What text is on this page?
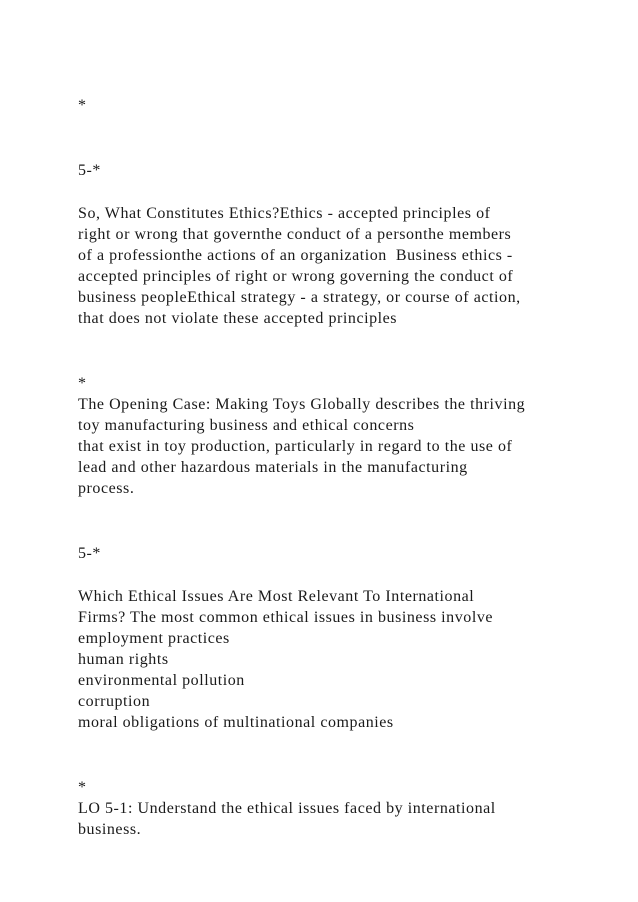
*

5-*

So, What Constitutes Ethics?Ethics - accepted principles of

right or wrong that governthe conduct of a personthe members

of a professionthe actions of an organization  Business ethics -

accepted principles of right or wrong governing the conduct of

business peopleEthical strategy - a strategy, or course of action,

that does not violate these accepted principles

*

The Opening Case: Making Toys Globally describes the thriving

toy manufacturing business and ethical concerns

that exist in toy production, particularly in regard to the use of

lead and other hazardous materials in the manufacturing

process.

5-*

Which Ethical Issues Are Most Relevant To International

Firms? The most common ethical issues in business involve

employment practices

human rights

environmental pollution

corruption

moral obligations of multinational companies

*

LO 5-1: Understand the ethical issues faced by international

business.
